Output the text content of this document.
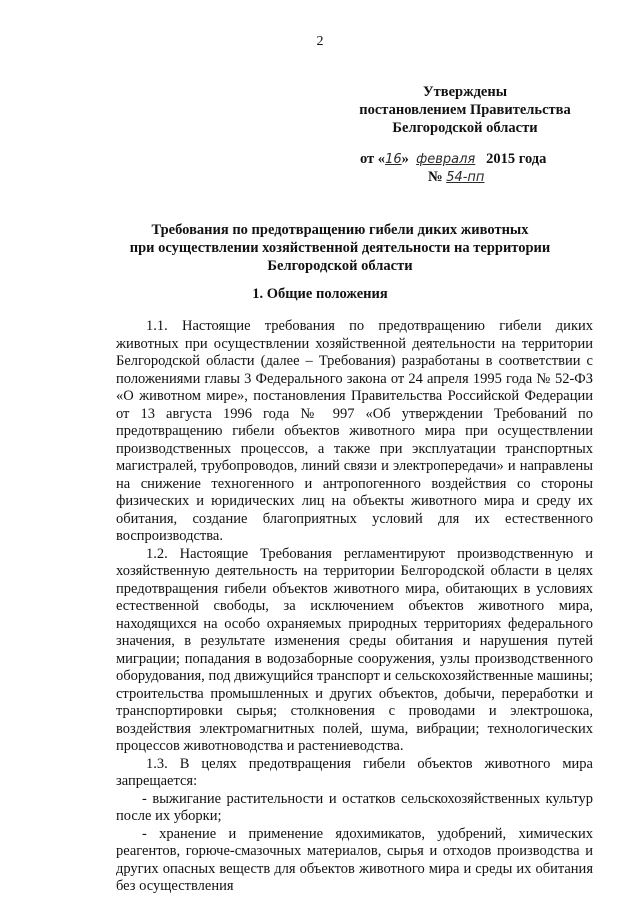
2
Утверждены
постановлением Правительства
Белгородской области
от «16» февраля 2015 года
№ 54-пп
Требования по предотвращению гибели диких животных
при осуществлении хозяйственной деятельности на территории
Белгородской области
1. Общие положения

1.1. Настоящие требования по предотвращению гибели диких животных при осуществлении хозяйственной деятельности на территории Белгородской области (далее – Требования) разработаны в соответствии с положениями главы 3 Федерального закона от 24 апреля 1995 года № 52-ФЗ «О животном мире», постановления Правительства Российской Федерации от 13 августа 1996 года № 997 «Об утверждении Требований по предотвращению гибели объектов животного мира при осуществлении производственных процессов, а также при эксплуатации транспортных магистралей, трубопроводов, линий связи и электропередачи» и направлены на снижение техногенного и антропогенного воздействия со стороны физических и юридических лиц на объекты животного мира и среду их обитания, создание благоприятных условий для их естественного воспроизводства.

1.2. Настоящие Требования регламентируют производственную и хозяйственную деятельность на территории Белгородской области в целях предотвращения гибели объектов животного мира, обитающих в условиях естественной свободы, за исключением объектов животного мира, находящихся на особо охраняемых природных территориях федерального значения, в результате изменения среды обитания и нарушения путей миграции; попадания в водозаборные сооружения, узлы производственного оборудования, под движущийся транспорт и сельскохозяйственные машины; строительства промышленных и других объектов, добычи, переработки и транспортировки сырья; столкновения с проводами и электрошока, воздействия электромагнитных полей, шума, вибрации; технологических процессов животноводства и растениеводства.

1.3. В целях предотвращения гибели объектов животного мира запрещается:

- выжигание растительности и остатков сельскохозяйственных культур после их уборки;

- хранение и применение ядохимикатов, удобрений, химических реагентов, горюче-смазочных материалов, сырья и отходов производства и других опасных веществ для объектов животного мира и среды их обитания без осуществления
